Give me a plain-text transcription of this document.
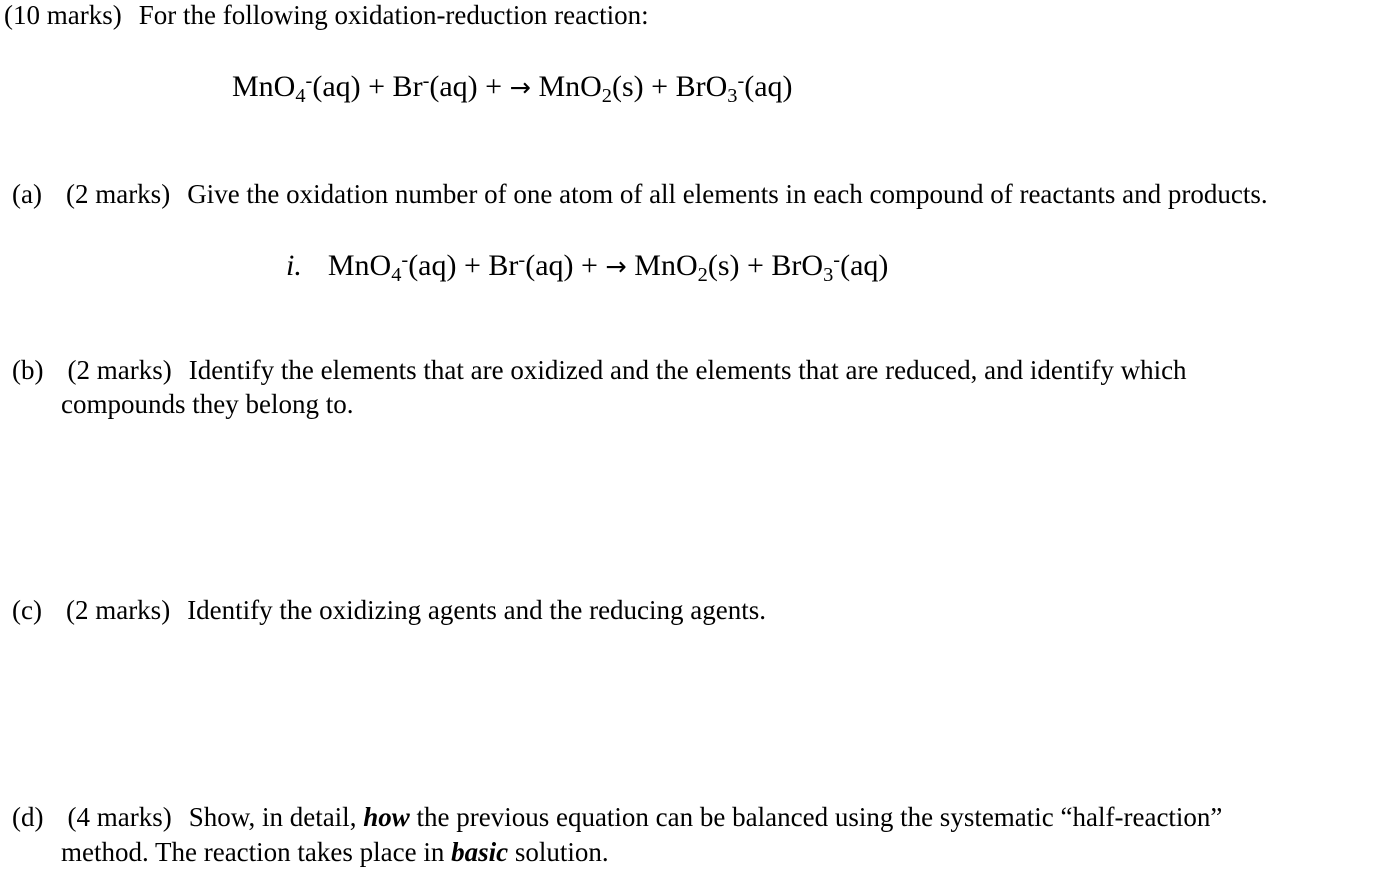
(10 marks) For the following oxidation-reduction reaction:
MnO$_4$-(aq) + Br-(aq) + → MnO$_2$(s) + BrO$_3$-(aq)
(a) (2 marks) Give the oxidation number of one atom of all elements in each compound of reactants and products.
i. MnO$_4$-(aq) + Br-(aq) + → MnO$_2$(s) + BrO$_3$-(aq)
(b) (2 marks) Identify the elements that are oxidized and the elements that are reduced, and identify which
compounds they belong to.
(c) (2 marks) Identify the oxidizing agents and the reducing agents.
(d) (4 marks) Show, in detail, how the previous equation can be balanced using the systematic “half-reaction”
method. The reaction takes place in basic solution.
